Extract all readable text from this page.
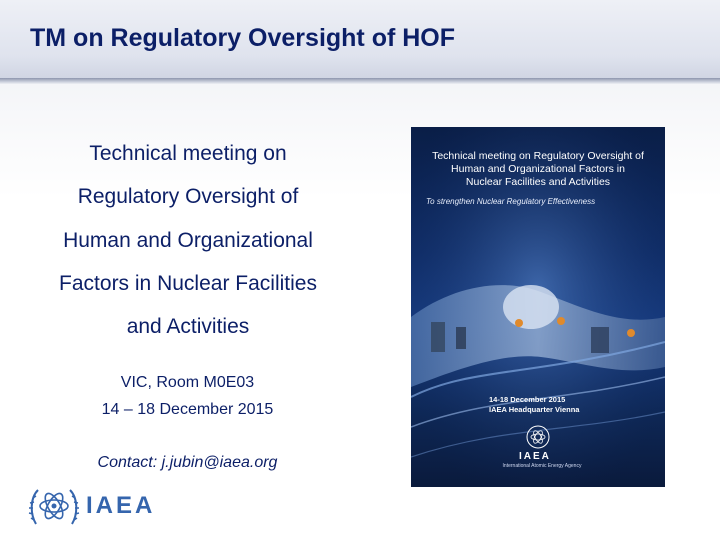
TM on Regulatory Oversight of HOF
Technical meeting on
Regulatory Oversight of
Human and Organizational
Factors in Nuclear Facilities
and Activities
VIC, Room M0E03
14 – 18 December 2015
Contact: j.jubin@iaea.org
IAEA
Technical meeting on Regulatory Oversight of
Human and Organizational Factors in
Nuclear Facilities and Activities
To strengthen Nuclear Regulatory Effectiveness
14-18 December 2015
IAEA Headquarter Vienna
IAEA
International Atomic Energy Agency
